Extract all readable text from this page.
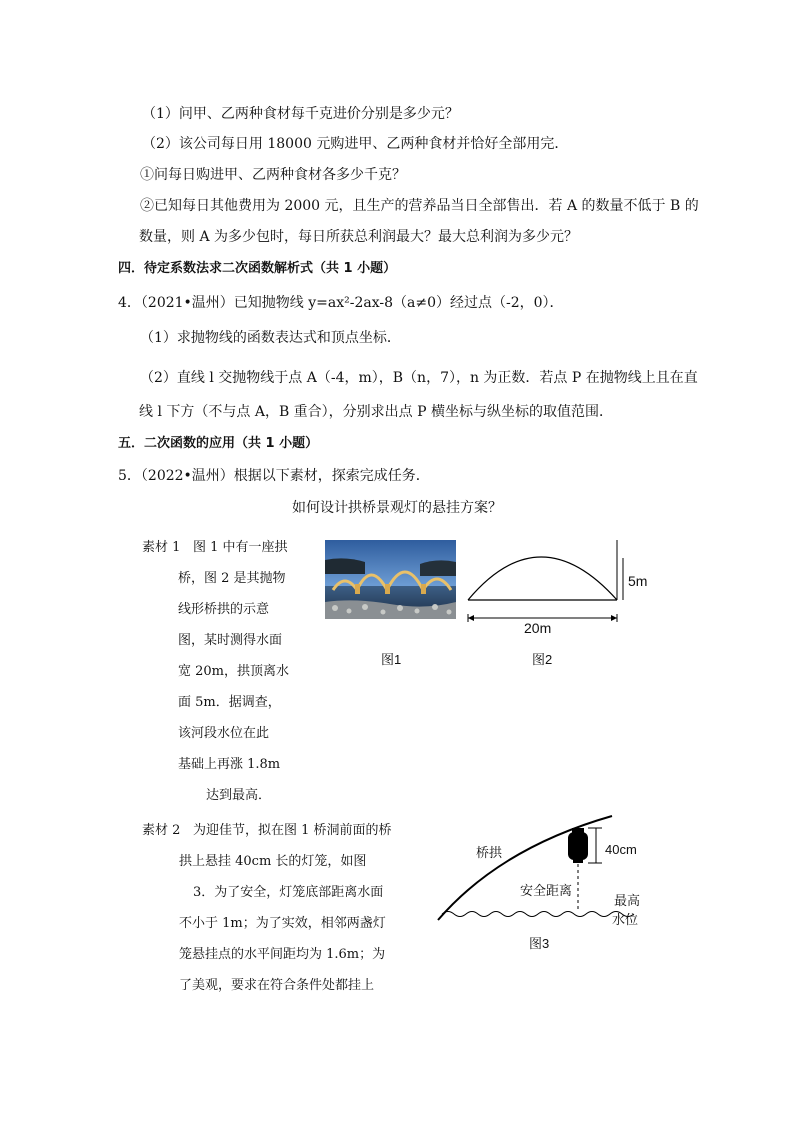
（1）问甲、乙两种食材每千克进价分别是多少元？
（2）该公司每日用 18000 元购进甲、乙两种食材并恰好全部用完．
①问每日购进甲、乙两种食材各多少千克？
②已知每日其他费用为 2000 元，且生产的营养品当日全部售出．若 A 的数量不低于 B 的
数量，则 A 为多少包时，每日所获总利润最大？最大总利润为多少元？
四．待定系数法求二次函数解析式（共 1 小题）
4．（2021•温州）已知抛物线 y=ax²-2ax-8（a≠0）经过点（-2，0）．
（1）求抛物线的函数表达式和顶点坐标．
（2）直线 l 交抛物线于点 A（-4，m），B（n，7），n 为正数．若点 P 在抛物线上且在直
线 l 下方（不与点 A，B 重合），分别求出点 P 横坐标与纵坐标的取值范围．
五．二次函数的应用（共 1 小题）
5．（2022•温州）根据以下素材，探索完成任务．
如何设计拱桥景观灯的悬挂方案？
素材 1 图 1 中有一座拱
桥，图 2 是其抛物
线形桥拱的示意
图，某时测得水面
宽 20m，拱顶离水
面 5m．据调查，
该河段水位在此
基础上再涨 1.8m
达到最高．
图1
5m
20m
图2
素材 2 为迎佳节，拟在图 1 桥洞前面的桥
拱上悬挂 40cm 长的灯笼，如图
3．为了安全，灯笼底部距离水面
不小于 1m；为了实效，相邻两盏灯
笼悬挂点的水平间距均为 1.6m；为
了美观，要求在符合条件处都挂上
桥拱	40cm
安全距离
最高
水位
图3
